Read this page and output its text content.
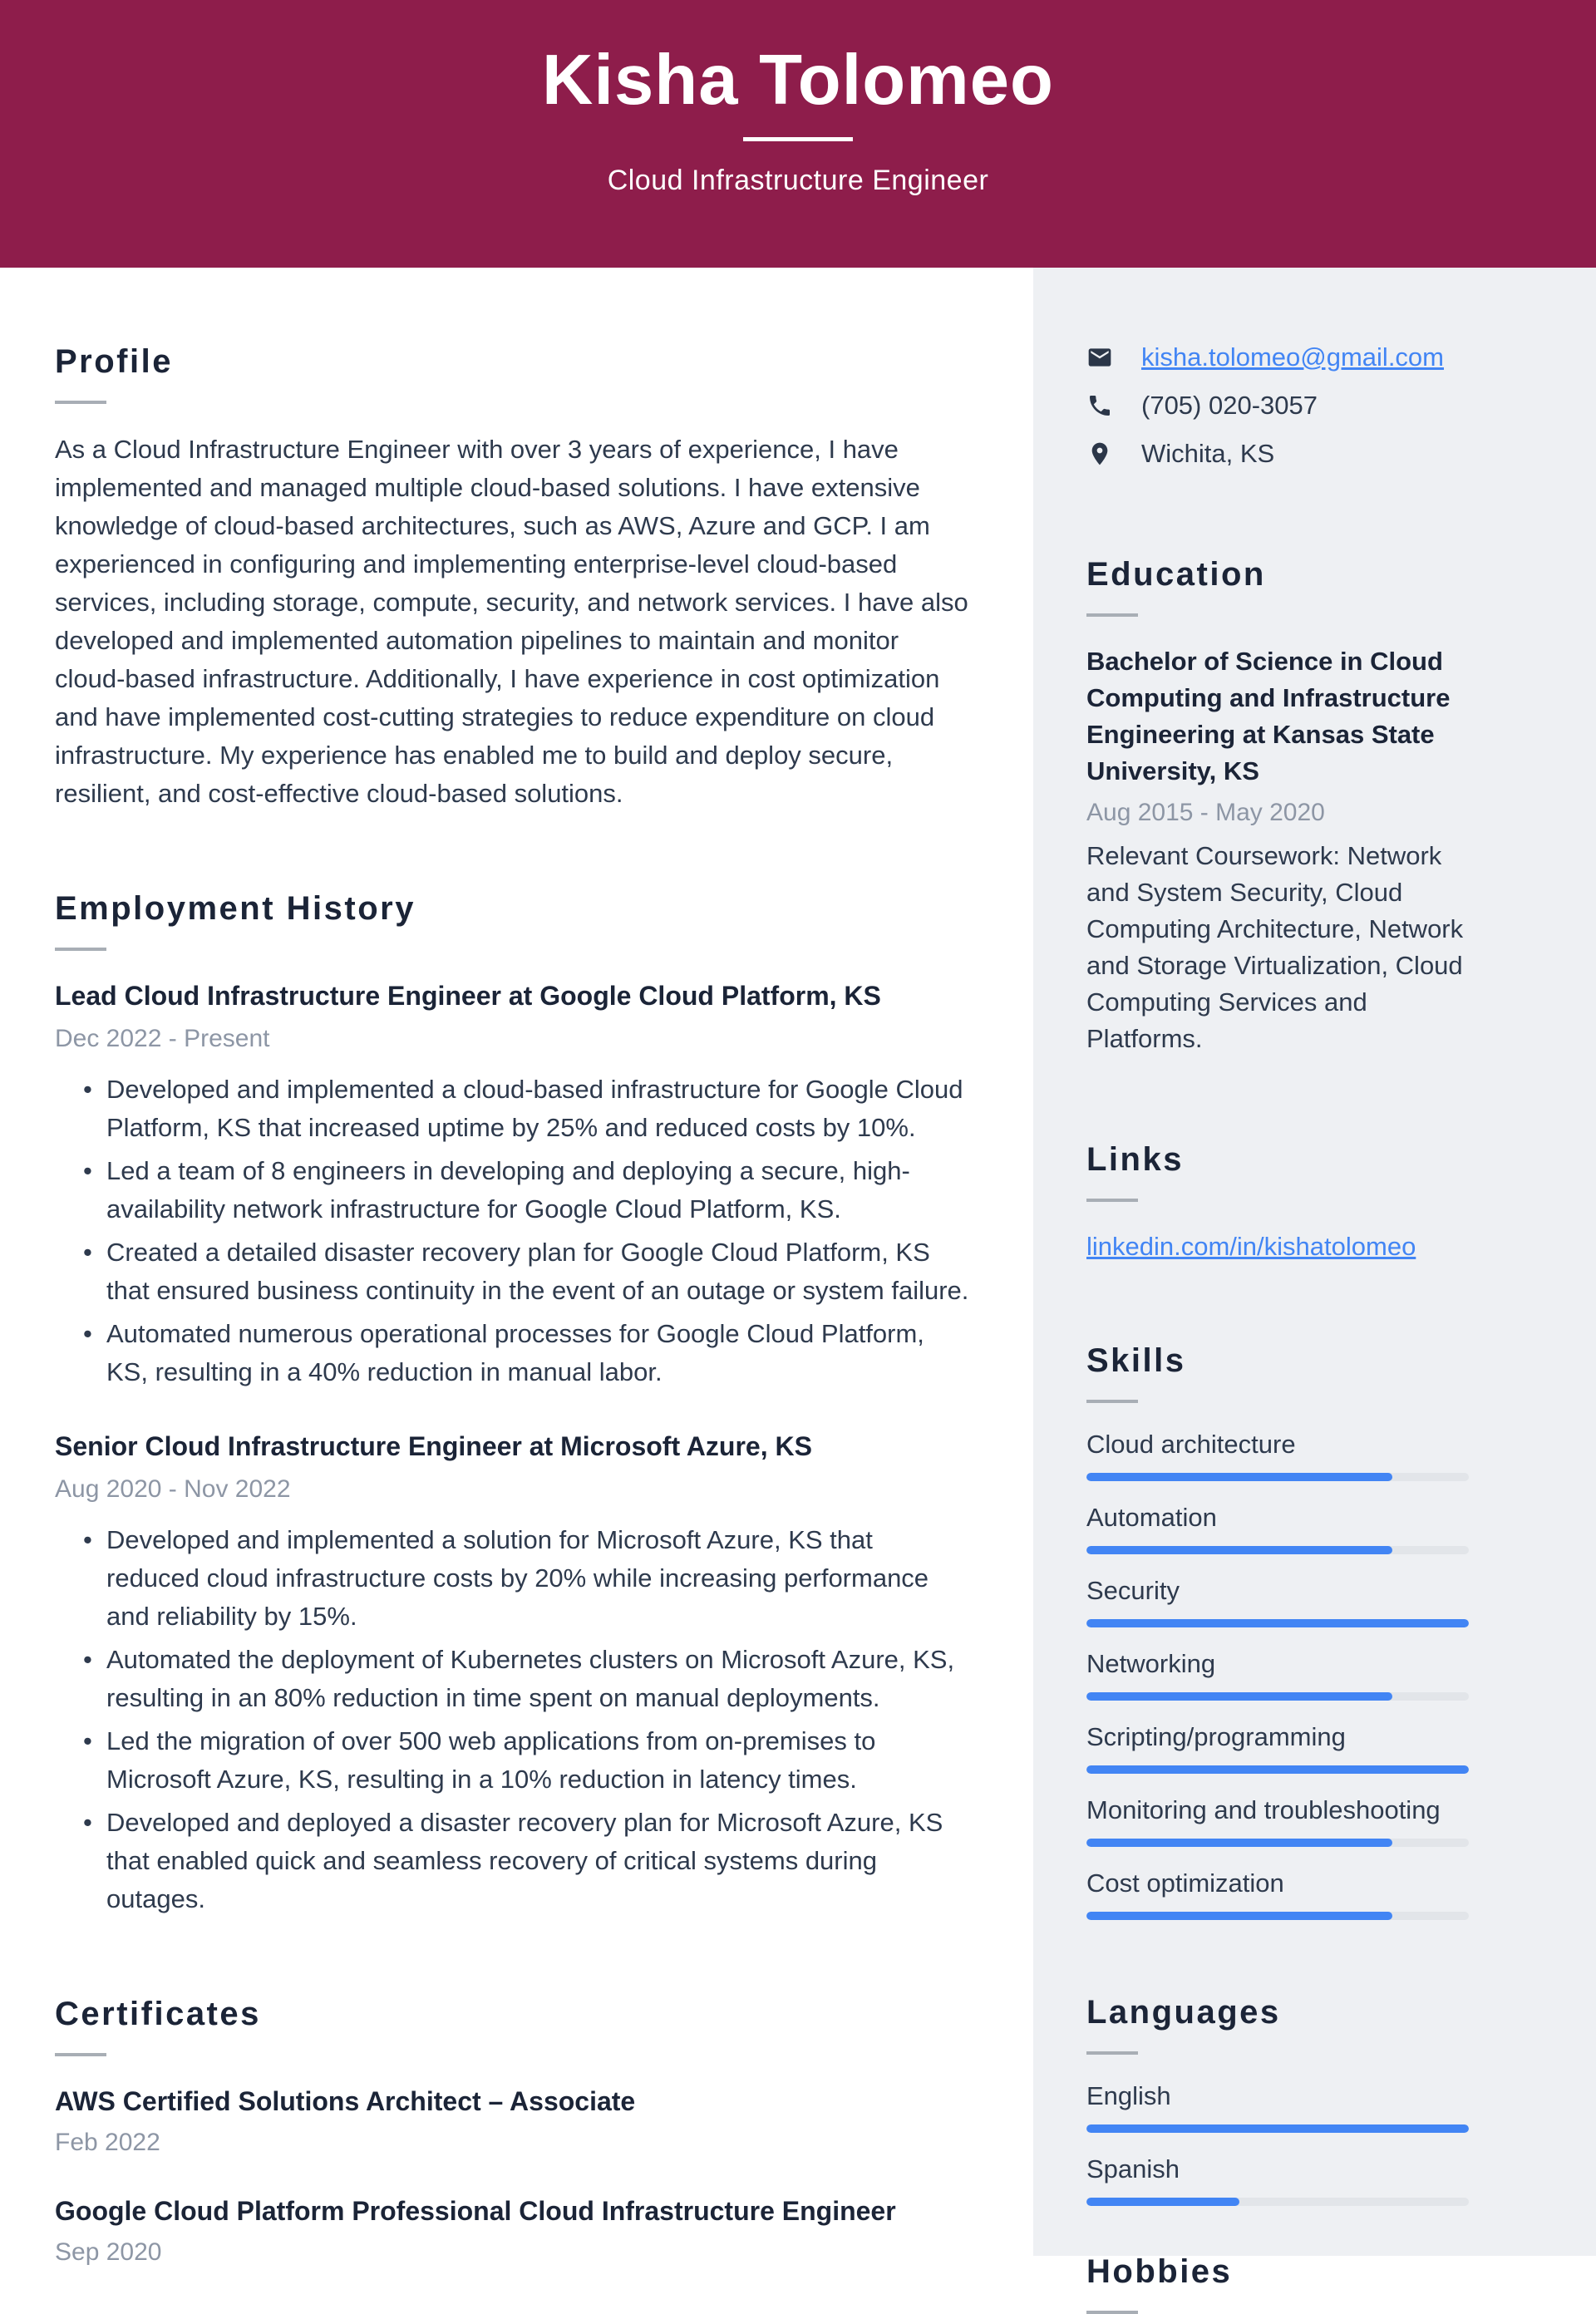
Kisha Tolomeo
Cloud Infrastructure Engineer
Profile

As a Cloud Infrastructure Engineer with over 3 years of experience, I have implemented and managed multiple cloud-based solutions. I have extensive knowledge of cloud-based architectures, such as AWS, Azure and GCP. I am experienced in configuring and implementing enterprise-level cloud-based services, including storage, compute, security, and network services. I have also developed and implemented automation pipelines to maintain and monitor cloud-based infrastructure. Additionally, I have experience in cost optimization and have implemented cost-cutting strategies to reduce expenditure on cloud infrastructure. My experience has enabled me to build and deploy secure, resilient, and cost-effective cloud-based solutions.

Employment History

Lead Cloud Infrastructure Engineer at Google Cloud Platform, KS

Dec 2022 - Present
• Developed and implemented a cloud-based infrastructure for Google Cloud Platform, KS that increased uptime by 25% and reduced costs by 10%.
• Led a team of 8 engineers in developing and deploying a secure, high-availability network infrastructure for Google Cloud Platform, KS.
• Created a detailed disaster recovery plan for Google Cloud Platform, KS that ensured business continuity in the event of an outage or system failure.
• Automated numerous operational processes for Google Cloud Platform, KS, resulting in a 40% reduction in manual labor.

Senior Cloud Infrastructure Engineer at Microsoft Azure, KS

Aug 2020 - Nov 2022
• Developed and implemented a solution for Microsoft Azure, KS that reduced cloud infrastructure costs by 20% while increasing performance and reliability by 15%.
• Automated the deployment of Kubernetes clusters on Microsoft Azure, KS, resulting in an 80% reduction in time spent on manual deployments.
• Led the migration of over 500 web applications from on-premises to Microsoft Azure, KS, resulting in a 10% reduction in latency times.
• Developed and deployed a disaster recovery plan for Microsoft Azure, KS that enabled quick and seamless recovery of critical systems during outages.
Certificates

AWS Certified Solutions Architect – Associate

Feb 2022

Google Cloud Platform Professional Cloud Infrastructure Engineer

Sep 2020
kisha.tolomeo@gmail.com
(705) 020-3057
Wichita, KS
Education

Bachelor of Science in Cloud Computing and Infrastructure Engineering at Kansas State University, KS

Aug 2015 - May 2020
Relevant Coursework: Network and System Security, Cloud Computing Architecture, Network and Storage Virtualization, Cloud Computing Services and Platforms.
Links
linkedin.com/in/kishatolomeo
Skills
Cloud architecture
Automation
Security
Networking
Scripting/programming
Monitoring and troubleshooting
Cost optimization
Languages
English
Spanish
Hobbies
